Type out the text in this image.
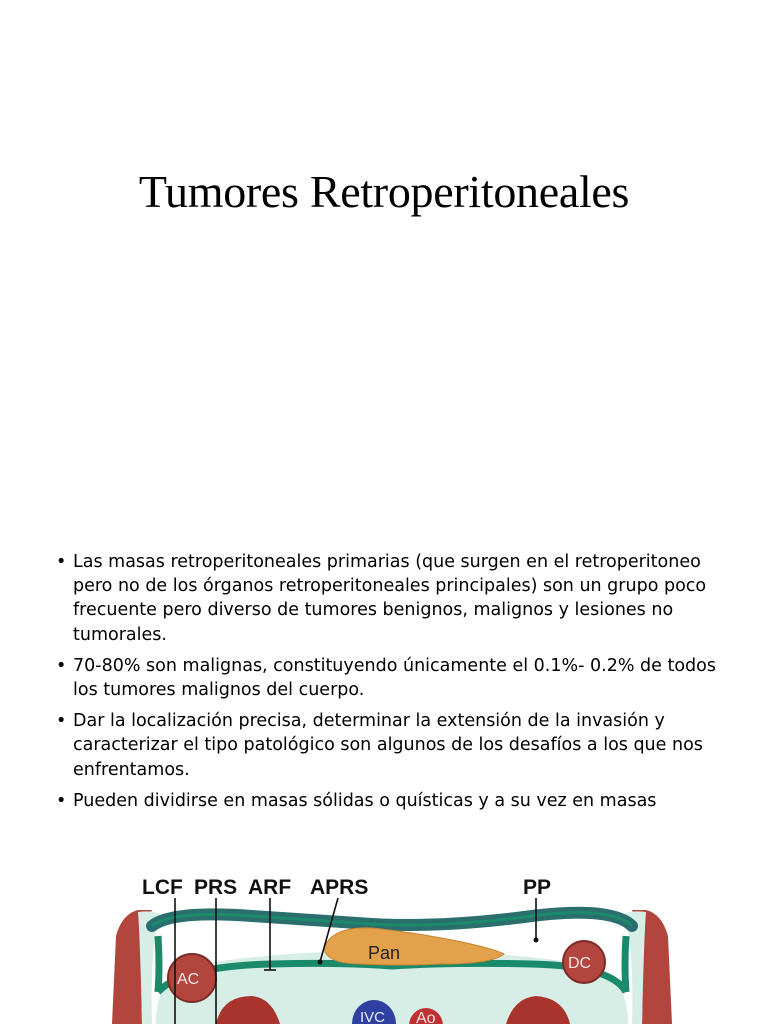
Tumores Retroperitoneales
• Las masas retroperitoneales primarias (que surgen en el retroperitoneo pero no de los órganos retroperitoneales principales) son un grupo poco frecuente pero diverso de tumores benignos, malignos y lesiones no tumorales.
• 70-80% son malignas, constituyendo únicamente el 0.1%- 0.2% de todos los tumores malignos del cuerpo.
• Dar la localización precisa, determinar la extensión de la invasión y caracterizar el tipo patológico son algunos de los desafíos a los que nos enfrentamos.
• Pueden dividirse en masas sólidas o quísticas y a su vez en masas
Pan
AC
DC
IVC Ao
LCF PRS ARF APRS	PP
